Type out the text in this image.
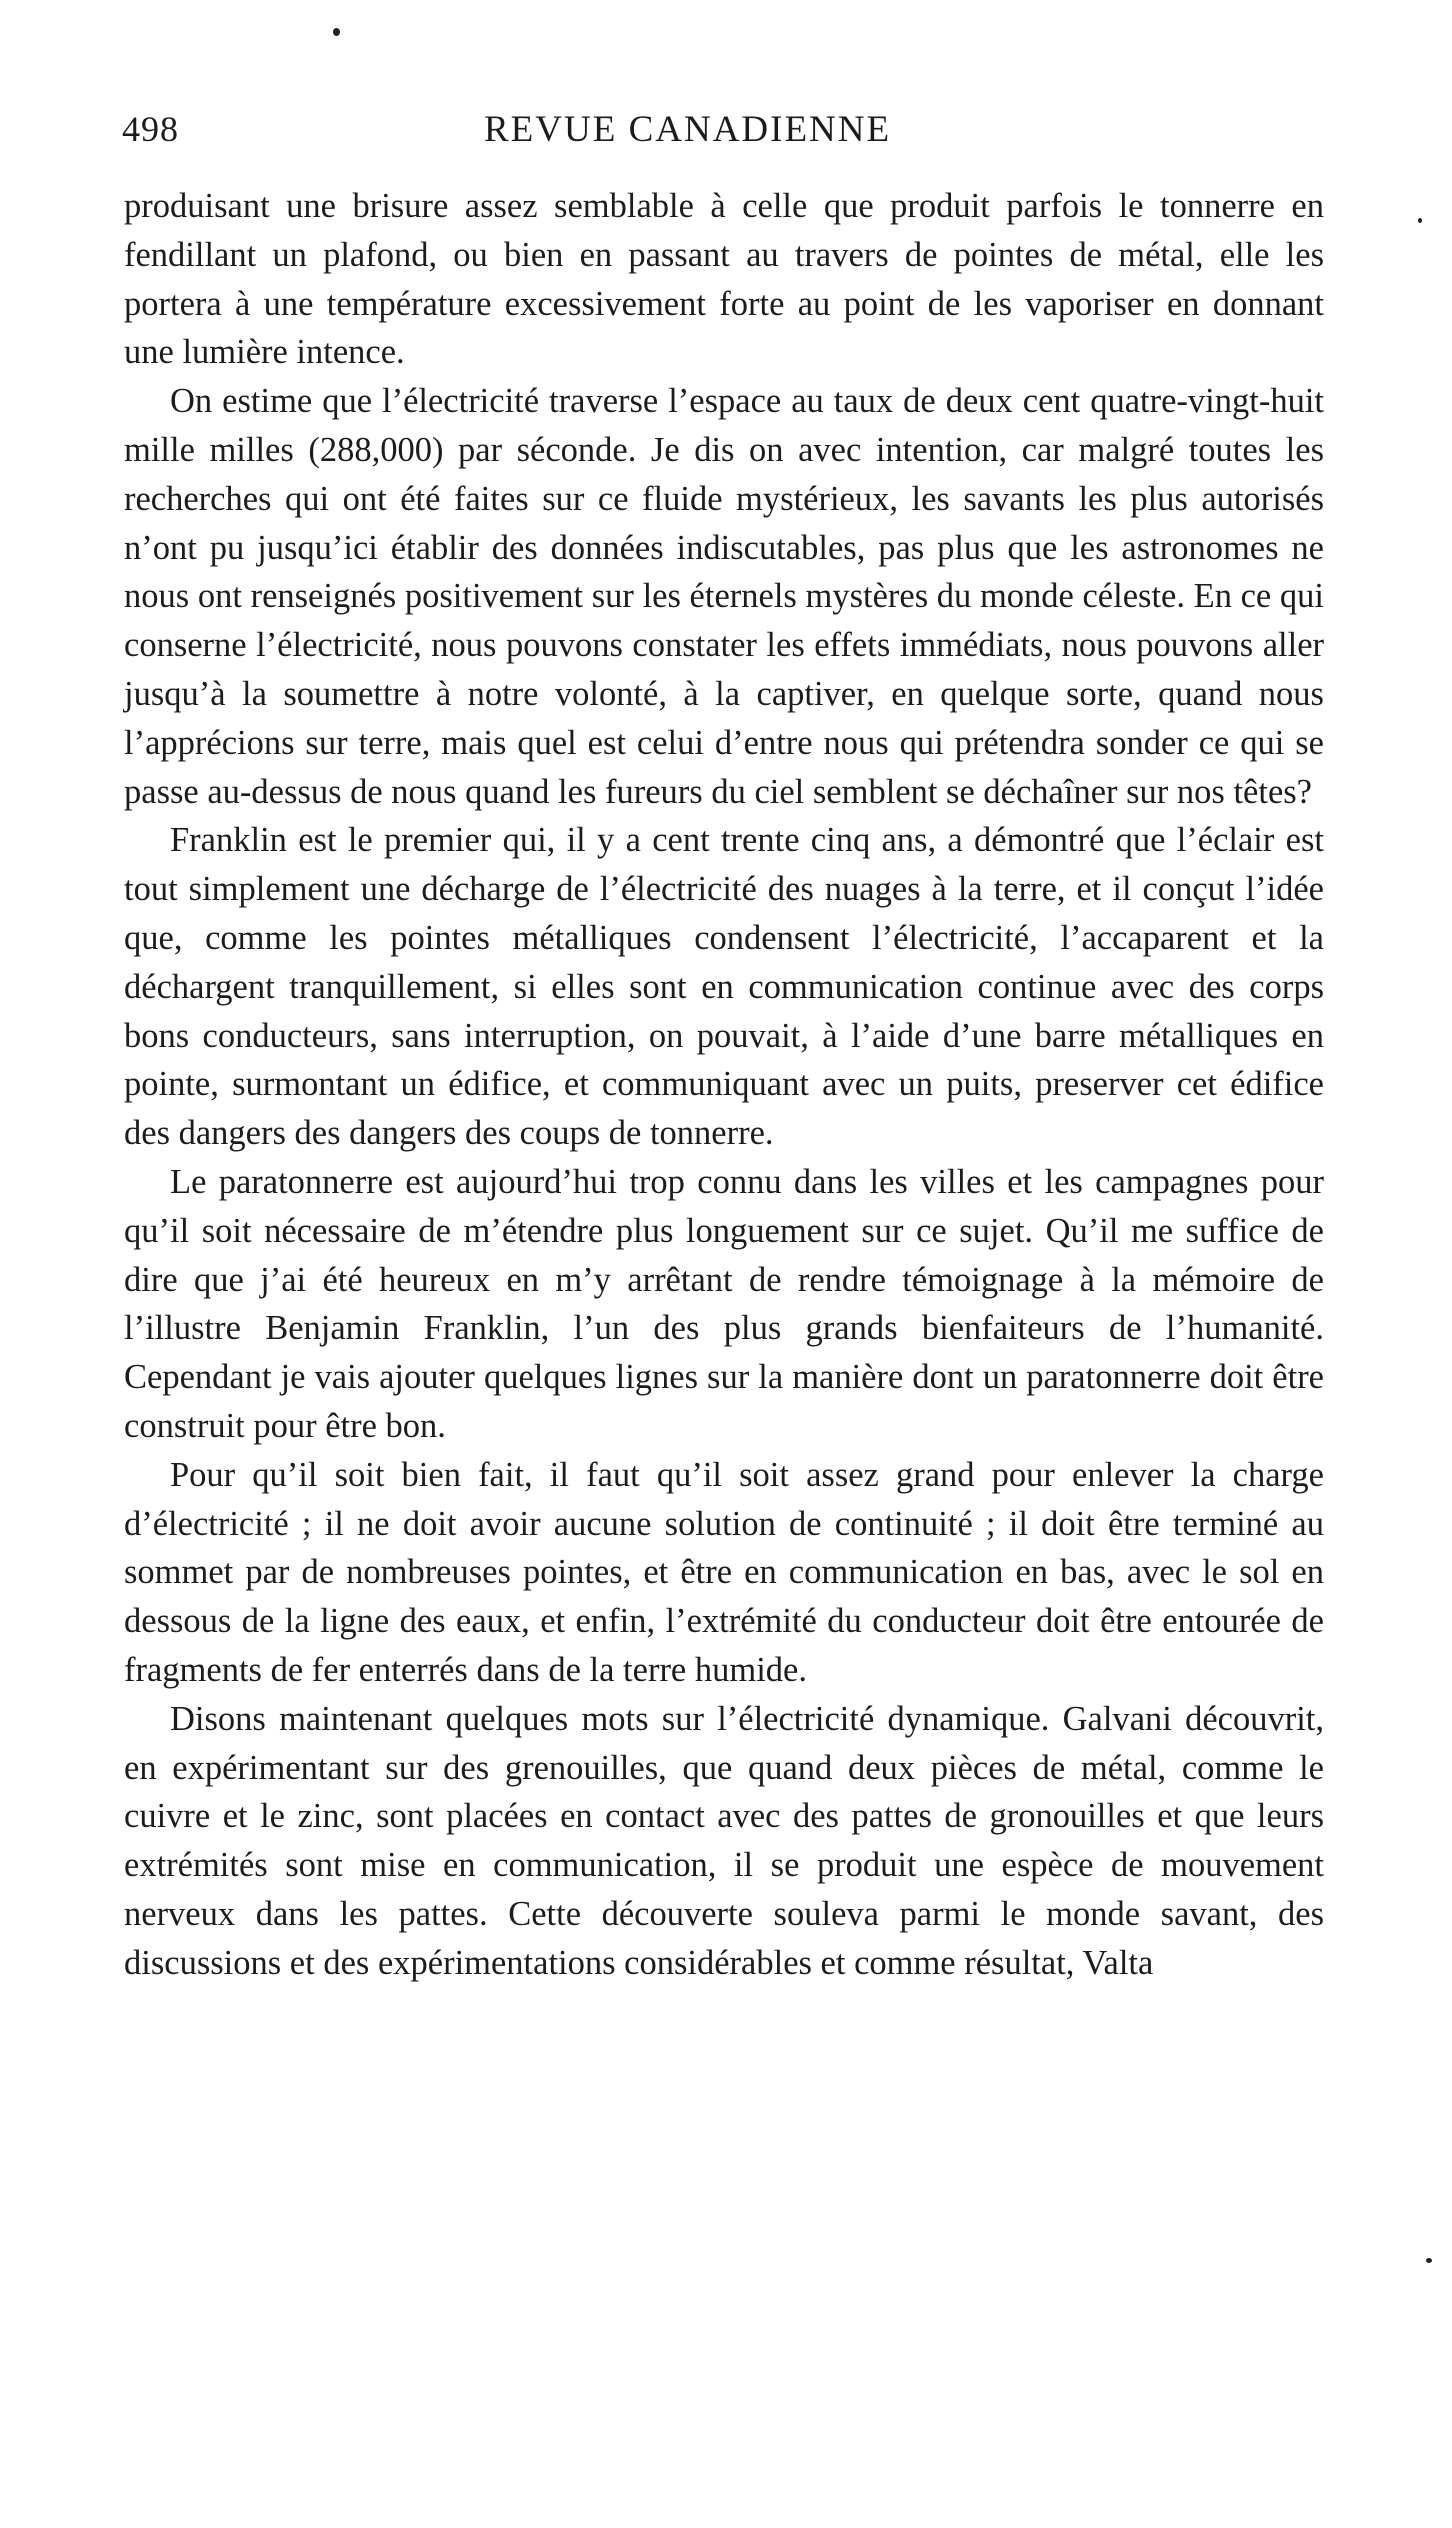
498	REVUE CANADIENNE

produisant une brisure assez semblable à celle que produit parfois le tonnerre en fendillant un plafond, ou bien en passant au travers de pointes de métal, elle les portera à une température excessivement forte au point de les vaporiser en donnant une lumière intence.

On estime que l’électricité traverse l’espace au taux de deux cent quatre-vingt-huit mille milles (288,000) par séconde. Je dis on avec intention, car malgré toutes les recherches qui ont été faites sur ce fluide mystérieux, les savants les plus autorisés n’ont pu jusqu’ici établir des données indiscutables, pas plus que les astronomes ne nous ont renseignés positivement sur les éternels mystères du monde céleste. En ce qui conserne l’électricité, nous pouvons constater les effets immédiats, nous pouvons aller jusqu’à la soumettre à notre volonté, à la captiver, en quelque sorte, quand nous l’apprécions sur terre, mais quel est celui d’entre nous qui prétendra sonder ce qui se passe au-dessus de nous quand les fureurs du ciel semblent se déchaîner sur nos têtes?

Franklin est le premier qui, il y a cent trente cinq ans, a démontré que l’éclair est tout simplement une décharge de l’électricité des nuages à la terre, et il conçut l’idée que, comme les pointes métalliques condensent l’électricité, l’accaparent et la déchargent tranquillement, si elles sont en communication continue avec des corps bons conducteurs, sans interruption, on pouvait, à l’aide d’une barre métalliques en pointe, surmontant un édifice, et communiquant avec un puits, preserver cet édifice des dangers des dangers des coups de tonnerre.

Le paratonnerre est aujourd’hui trop connu dans les villes et les campagnes pour qu’il soit nécessaire de m’étendre plus longuement sur ce sujet. Qu’il me suffice de dire que j’ai été heureux en m’y arrêtant de rendre témoignage à la mémoire de l’illustre Benjamin Franklin, l’un des plus grands bienfaiteurs de l’humanité. Cependant je vais ajouter quelques lignes sur la manière dont un paratonnerre doit être construit pour être bon.

Pour qu’il soit bien fait, il faut qu’il soit assez grand pour enlever la charge d’électricité ; il ne doit avoir aucune solution de continuité ; il doit être terminé au sommet par de nombreuses pointes, et être en communication en bas, avec le sol en dessous de la ligne des eaux, et enfin, l’extrémité du conducteur doit être entourée de fragments de fer enterrés dans de la terre humide.

Disons maintenant quelques mots sur l’électricité dynamique. Galvani découvrit, en expérimentant sur des grenouilles, que quand deux pièces de métal, comme le cuivre et le zinc, sont placées en contact avec des pattes de gronouilles et que leurs extrémités sont mise en communication, il se produit une espèce de mouvement nerveux dans les pattes. Cette découverte souleva parmi le monde savant, des discussions et des expérimentations considérables et comme résultat, Valta
